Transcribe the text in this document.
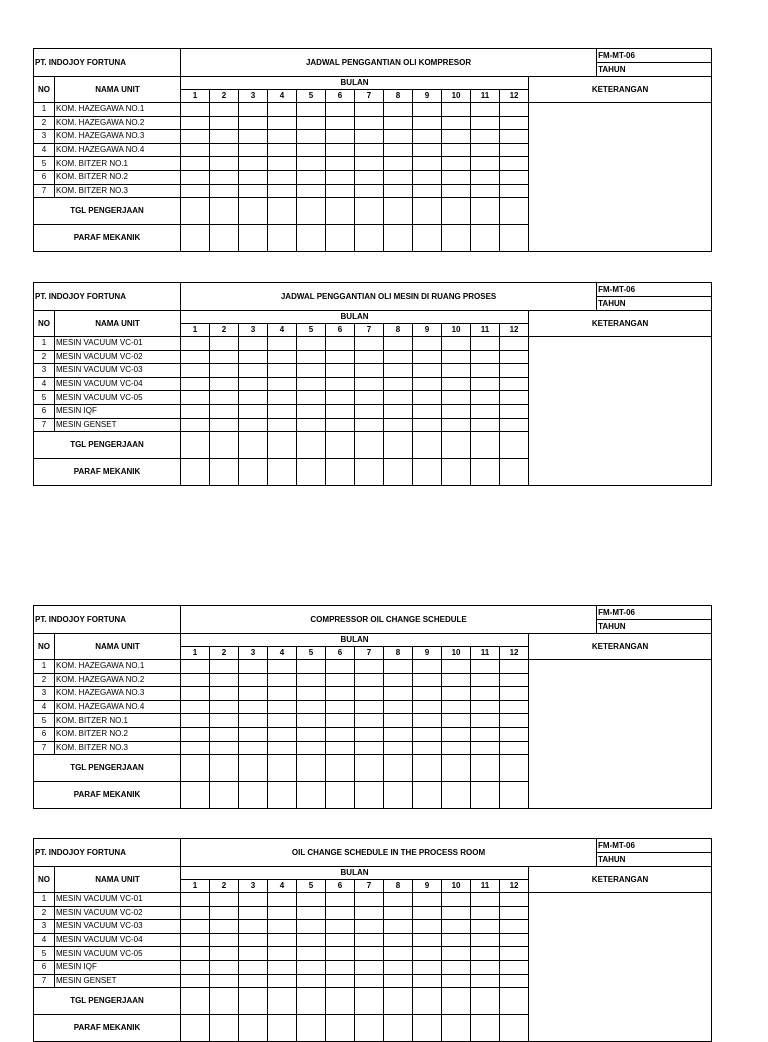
PT. INDOJOY FORTUNA		JADWAL PENGGANTIAN OLI KOMPRESOR													FM-MT-06
															TAHUN
NO	NAMA UNIT	BULAN												KETERANGAN	
		1	2	3	4	5	6	7	8	9	10	11	12		
1	KOM. HAZEGAWA NO.1														
2	KOM. HAZEGAWA NO.2														
3	KOM. HAZEGAWA NO.3														
4	KOM. HAZEGAWA NO.4														
5	KOM. BITZER NO.1														
6	KOM. BITZER NO.2														
7	KOM. BITZER NO.3														
TGL PENGERJAAN															
PARAF MEKANIK															
PT. INDOJOY FORTUNA		JADWAL PENGGANTIAN OLI MESIN DI RUANG PROSES													FM-MT-06
															TAHUN
NO	NAMA UNIT	BULAN												KETERANGAN	
		1	2	3	4	5	6	7	8	9	10	11	12		
1	MESIN VACUUM VC-01														
2	MESIN VACUUM VC-02														
3	MESIN VACUUM VC-03														
4	MESIN VACUUM VC-04														
5	MESIN VACUUM VC-05														
6	MESIN IQF														
7	MESIN GENSET														
TGL PENGERJAAN															
PARAF MEKANIK															
PT. INDOJOY FORTUNA		COMPRESSOR OIL CHANGE SCHEDULE													FM-MT-06
															TAHUN
NO	NAMA UNIT	BULAN												KETERANGAN	
		1	2	3	4	5	6	7	8	9	10	11	12		
1	KOM. HAZEGAWA NO.1														
2	KOM. HAZEGAWA NO.2														
3	KOM. HAZEGAWA NO.3														
4	KOM. HAZEGAWA NO.4														
5	KOM. BITZER NO.1														
6	KOM. BITZER NO.2														
7	KOM. BITZER NO.3														
TGL PENGERJAAN															
PARAF MEKANIK															
PT. INDOJOY FORTUNA		OIL CHANGE SCHEDULE IN THE PROCESS ROOM													FM-MT-06
															TAHUN
NO	NAMA UNIT	BULAN												KETERANGAN	
		1	2	3	4	5	6	7	8	9	10	11	12		
1	MESIN VACUUM VC-01														
2	MESIN VACUUM VC-02														
3	MESIN VACUUM VC-03														
4	MESIN VACUUM VC-04														
5	MESIN VACUUM VC-05														
6	MESIN IQF														
7	MESIN GENSET														
TGL PENGERJAAN															
PARAF MEKANIK															
